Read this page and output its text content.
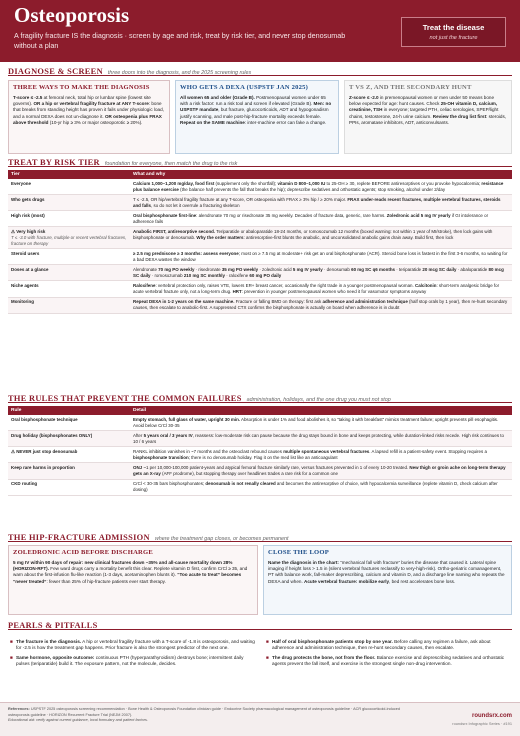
Osteoporosis
A fragility fracture IS the diagnosis · screen by age and risk, treat by risk tier, and never stop denosumab without a plan
Treat the disease
not just the fracture
DIAGNOSE & SCREEN three doors into the diagnosis, and the 2025 screening rules
THREE WAYS TO MAKE THE DIAGNOSIS
T-score ≤ -2.5 at femoral neck, total hip or lumbar spine (lowest site governs). OR a hip or vertebral fragility fracture at ANY T-score: bone that breaks from standing height has proven it fails under physiologic load, and a normal DEXA does not un-diagnose it. OR osteopenia plus FRAX above threshold (10-yr hip ≥ 3% or major osteoporotic ≥ 20%).
WHO GETS A DEXA (USPSTF JAN 2025)
All women 65 and older (Grade B). Postmenopausal women under 65 with a risk factor: run a risk tool and screen if elevated (Grade B). Men: no USPSTF mandate, but fracture, glucocorticoids, ADT and hypogonadism justify scanning, and male post-hip-fracture mortality exceeds female. Repeat on the SAME machine: inter-machine error can fake a change.
T VS Z, AND THE SECONDARY HUNT
Z-score ≤ -2.0 in premenopausal women or men under 50 means bone below expected for age: hunt causes. Check 25-OH vitamin D, calcium, creatinine, TSH in everyone; targeted PTH, celiac serologies, SPEP/light chains, testosterone, 24-h urine calcium. Review the drug list first: steroids, PPIs, aromatase inhibitors, ADT, anticonvulsants.
TREAT BY RISK TIER foundation for everyone, then match the drug to the risk
Tier	What and why
Everyone	Calcium 1,000–1,200 mg/day, food first (supplement only the shortfall); vitamin D 800–1,000 IU to 25-OH ≥ 30, replete BEFORE antiresorptives or you provoke hypocalcemia; resistance plus balance exercise (the balance half prevents the fall that breaks the hip); deprescribe sedatives and orthostatic agents; stop smoking, alcohol under 2/day
Who gets drugs	T ≤ -2.5, OR hip/vertebral fragility fracture at any T-score, OR osteopenia with FRAX ≥ 3% hip / ≥ 20% major. FRAX under-reads recent fractures, multiple vertebral fractures, steroids and falls, so do not let it overrule a fracturing skeleton
High risk (most)	Oral bisphosphonate first-line: alendronate 70 mg or risedronate 35 mg weekly. Decades of fracture data, generic, rare harms. Zoledronic acid 5 mg IV yearly if GI intolerance or adherence fails
⚠ Very high risk
T ≤ -3.0 with fracture, multiple or recent vertebral fractures, fracture on therapy	Anabolic FIRST, antiresorptive second. Teriparatide or abaloparatide 18-24 months, or romosozumab 12 months (boxed warning: not within 1 year of MI/stroke), then lock gains with bisphosphonate or denosumab. Why the order matters: antiresorptive-first blunts the anabolic, and unconsolidated anabolic gains drain away. Build first, then lock
Steroid users	≥ 2.5 mg prednisone ≥ 3 months: assess everyone; most on ≥ 7.5 mg at moderate+ risk get an oral bisphosphonate (ACR). Steroid bone loss is fastest in the first 3-6 months, so waiting for a bad DEXA wastes the window
Doses at a glance	Alendronate 70 mg PO weekly · risedronate 35 mg PO weekly · zoledronic acid 5 mg IV yearly · denosumab 60 mg SC q6 months · teriparatide 20 mcg SC daily · abaloparatide 80 mcg SC daily · romosozumab 210 mg SC monthly · raloxifene 60 mg PO daily
Niche agents	Raloxifene: vertebral protection only, raises VTE, lowers ER+ breast cancer, occasionally the right trade in a younger postmenopausal woman. Calcitonin: short-term analgesic bridge for acute vertebral fracture only, not a long-term drug. HRT: prevention in younger postmenopausal women who need it for vasomotor symptoms anyway
Monitoring	Repeat DEXA in 1-2 years on the same machine. Fracture or falling BMD on therapy: first ask adherence and administration technique (half stop orals by 1 year), then re-hunt secondary causes, then escalate to anabolic-first. A suppressed CTX confirms the bisphosphonate is actually on board when adherence is in doubt
THE RULES THAT PREVENT THE COMMON FAILURES administration, holidays, and the one drug you must not stop
Rule	Detail
Oral bisphosphonate technique	Empty stomach, full glass of water, upright 30 min. Absorption is under 1% and food abolishes it, so “taking it with breakfast” mimics treatment failure; upright prevents pill esophagitis. Avoid below CrCl 30-35
Drug holiday (bisphosphonates ONLY)	After 5 years oral / 3 years IV, reassess: low-moderate risk can pause because the drug stays bound in bone and keeps protecting, while duration-linked risks recede. High risk continues to 10 / 6 years
⚠ NEVER just stop denosumab	RANKL inhibition vanishes in ~7 months and the osteoclast rebound causes multiple spontaneous vertebral fractures. A lapsed refill is a patient-safety event. Stopping requires a bisphosphonate transition; there is no denosumab holiday. Flag it on the med list like an anticoagulant
Keep rare harms in proportion	ONJ ~1 per 10,000-100,000 patient-years and atypical femoral fracture similarly rare, versus fractures prevented in 1 of every 10-20 treated. New thigh or groin ache on long-term therapy gets an X-ray (AFF prodrome), but stopping therapy over headlines trades a rare risk for a common one
CKD routing	CrCl < 30-35 bars bisphosphonates; denosumab is not renally cleared and becomes the antiresorptive of choice, with hypocalcemia surveillance (replete vitamin D, check calcium after dosing)
THE HIP-FRACTURE ADMISSION where the treatment gap closes, or becomes permanent
ZOLEDRONIC ACID BEFORE DISCHARGE
5 mg IV within 90 days of repair: new clinical fractures down ~35% and all-cause mortality down 28% (HORIZON-RFT). Few ward drugs carry a mortality benefit this clear. Replete vitamin D first, confirm CrCl ≥ 35, and warn about the first-infusion flu-like reaction (1-3 days, acetaminophen blunts it). “Too acute to treat” becomes “never treated”: fewer than 25% of hip-fracture patients ever start therapy.
CLOSE THE LOOP
Name the diagnosis in the chart: “mechanical fall with fracture” buries the disease that caused it. Lateral spine imaging if height loss > 1.5 in (silent vertebral fractures reclassify to very-high-risk). Ortho-geriatric comanagement, PT with balance work, fall-maker deprescribing, calcium and vitamin D, and a discharge line naming who repeats the DEXA and when. Acute vertebral fracture: mobilize early, bed rest accelerates bone loss.
PEARLS & PITFALLS
■ The fracture is the diagnosis. A hip or vertebral fragility fracture with a T-score of -1.8 is osteoporosis, and waiting for -2.5 is how the treatment gap happens. Prior fracture is also the strongest predictor of the next one.
■ Same hormone, opposite outcome: continuous PTH (hyperparathyroidism) destroys bone; intermittent daily pulses (teriparatide) build it. The exposure pattern, not the molecule, decides.
■ Half of oral bisphosphonate patients stop by one year. Before calling any regimen a failure, ask about adherence and administration technique, then re-hunt secondary causes, then escalate.
■ The drug protects the bone, not from the floor. Balance exercise and deprescribing sedatives and orthostatic agents prevent the fall itself, and exercise is the strongest single non-drug intervention.
References: USPSTF 2025 osteoporosis screening recommendation · Bone Health & Osteoporosis Foundation clinician guide · Endocrine Society pharmacological management of osteoporosis guideline · ACR glucocorticoid-induced osteoporosis guideline · HORIZON Recurrent Fracture Trial (NEJM 2007).
Educational aid: verify against current guidance, local formulary and patient factors.
roundsrx.com
roundsrx Infographic Series · #191
